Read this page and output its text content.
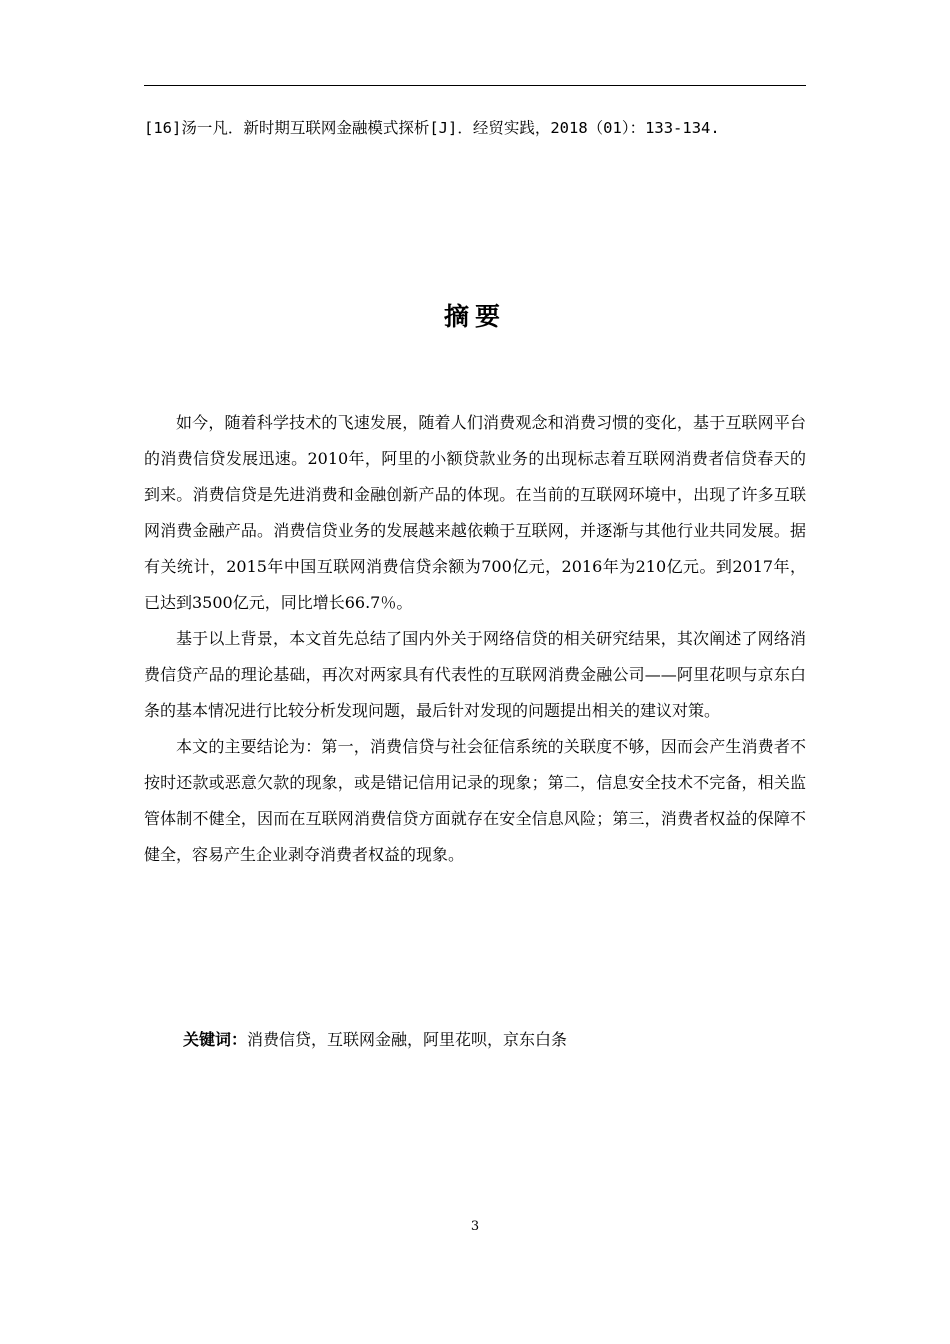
[16]汤一凡．新时期互联网金融模式探析[J]．经贸实践，2018（01）：133-134.
摘要

如今，随着科学技术的飞速发展，随着人们消费观念和消费习惯的变化，基于互联网平台的消费信贷发展迅速。2010年，阿里的小额贷款业务的出现标志着互联网消费者信贷春天的到来。消费信贷是先进消费和金融创新产品的体现。在当前的互联网环境中，出现了许多互联网消费金融产品。消费信贷业务的发展越来越依赖于互联网，并逐渐与其他行业共同发展。据有关统计，2015年中国互联网消费信贷余额为700亿元，2016年为210亿元。到2017年，已达到3500亿元，同比增长66.7％。

基于以上背景，本文首先总结了国内外关于网络信贷的相关研究结果，其次阐述了网络消费信贷产品的理论基础，再次对两家具有代表性的互联网消费金融公司——阿里花呗与京东白条的基本情况进行比较分析发现问题，最后针对发现的问题提出相关的建议对策。

本文的主要结论为：第一，消费信贷与社会征信系统的关联度不够，因而会产生消费者不按时还款或恶意欠款的现象，或是错记信用记录的现象；第二，信息安全技术不完备，相关监管体制不健全，因而在互联网消费信贷方面就存在安全信息风险；第三，消费者权益的保障不健全，容易产生企业剥夺消费者权益的现象。

关键词：消费信贷，互联网金融，阿里花呗，京东白条
3
